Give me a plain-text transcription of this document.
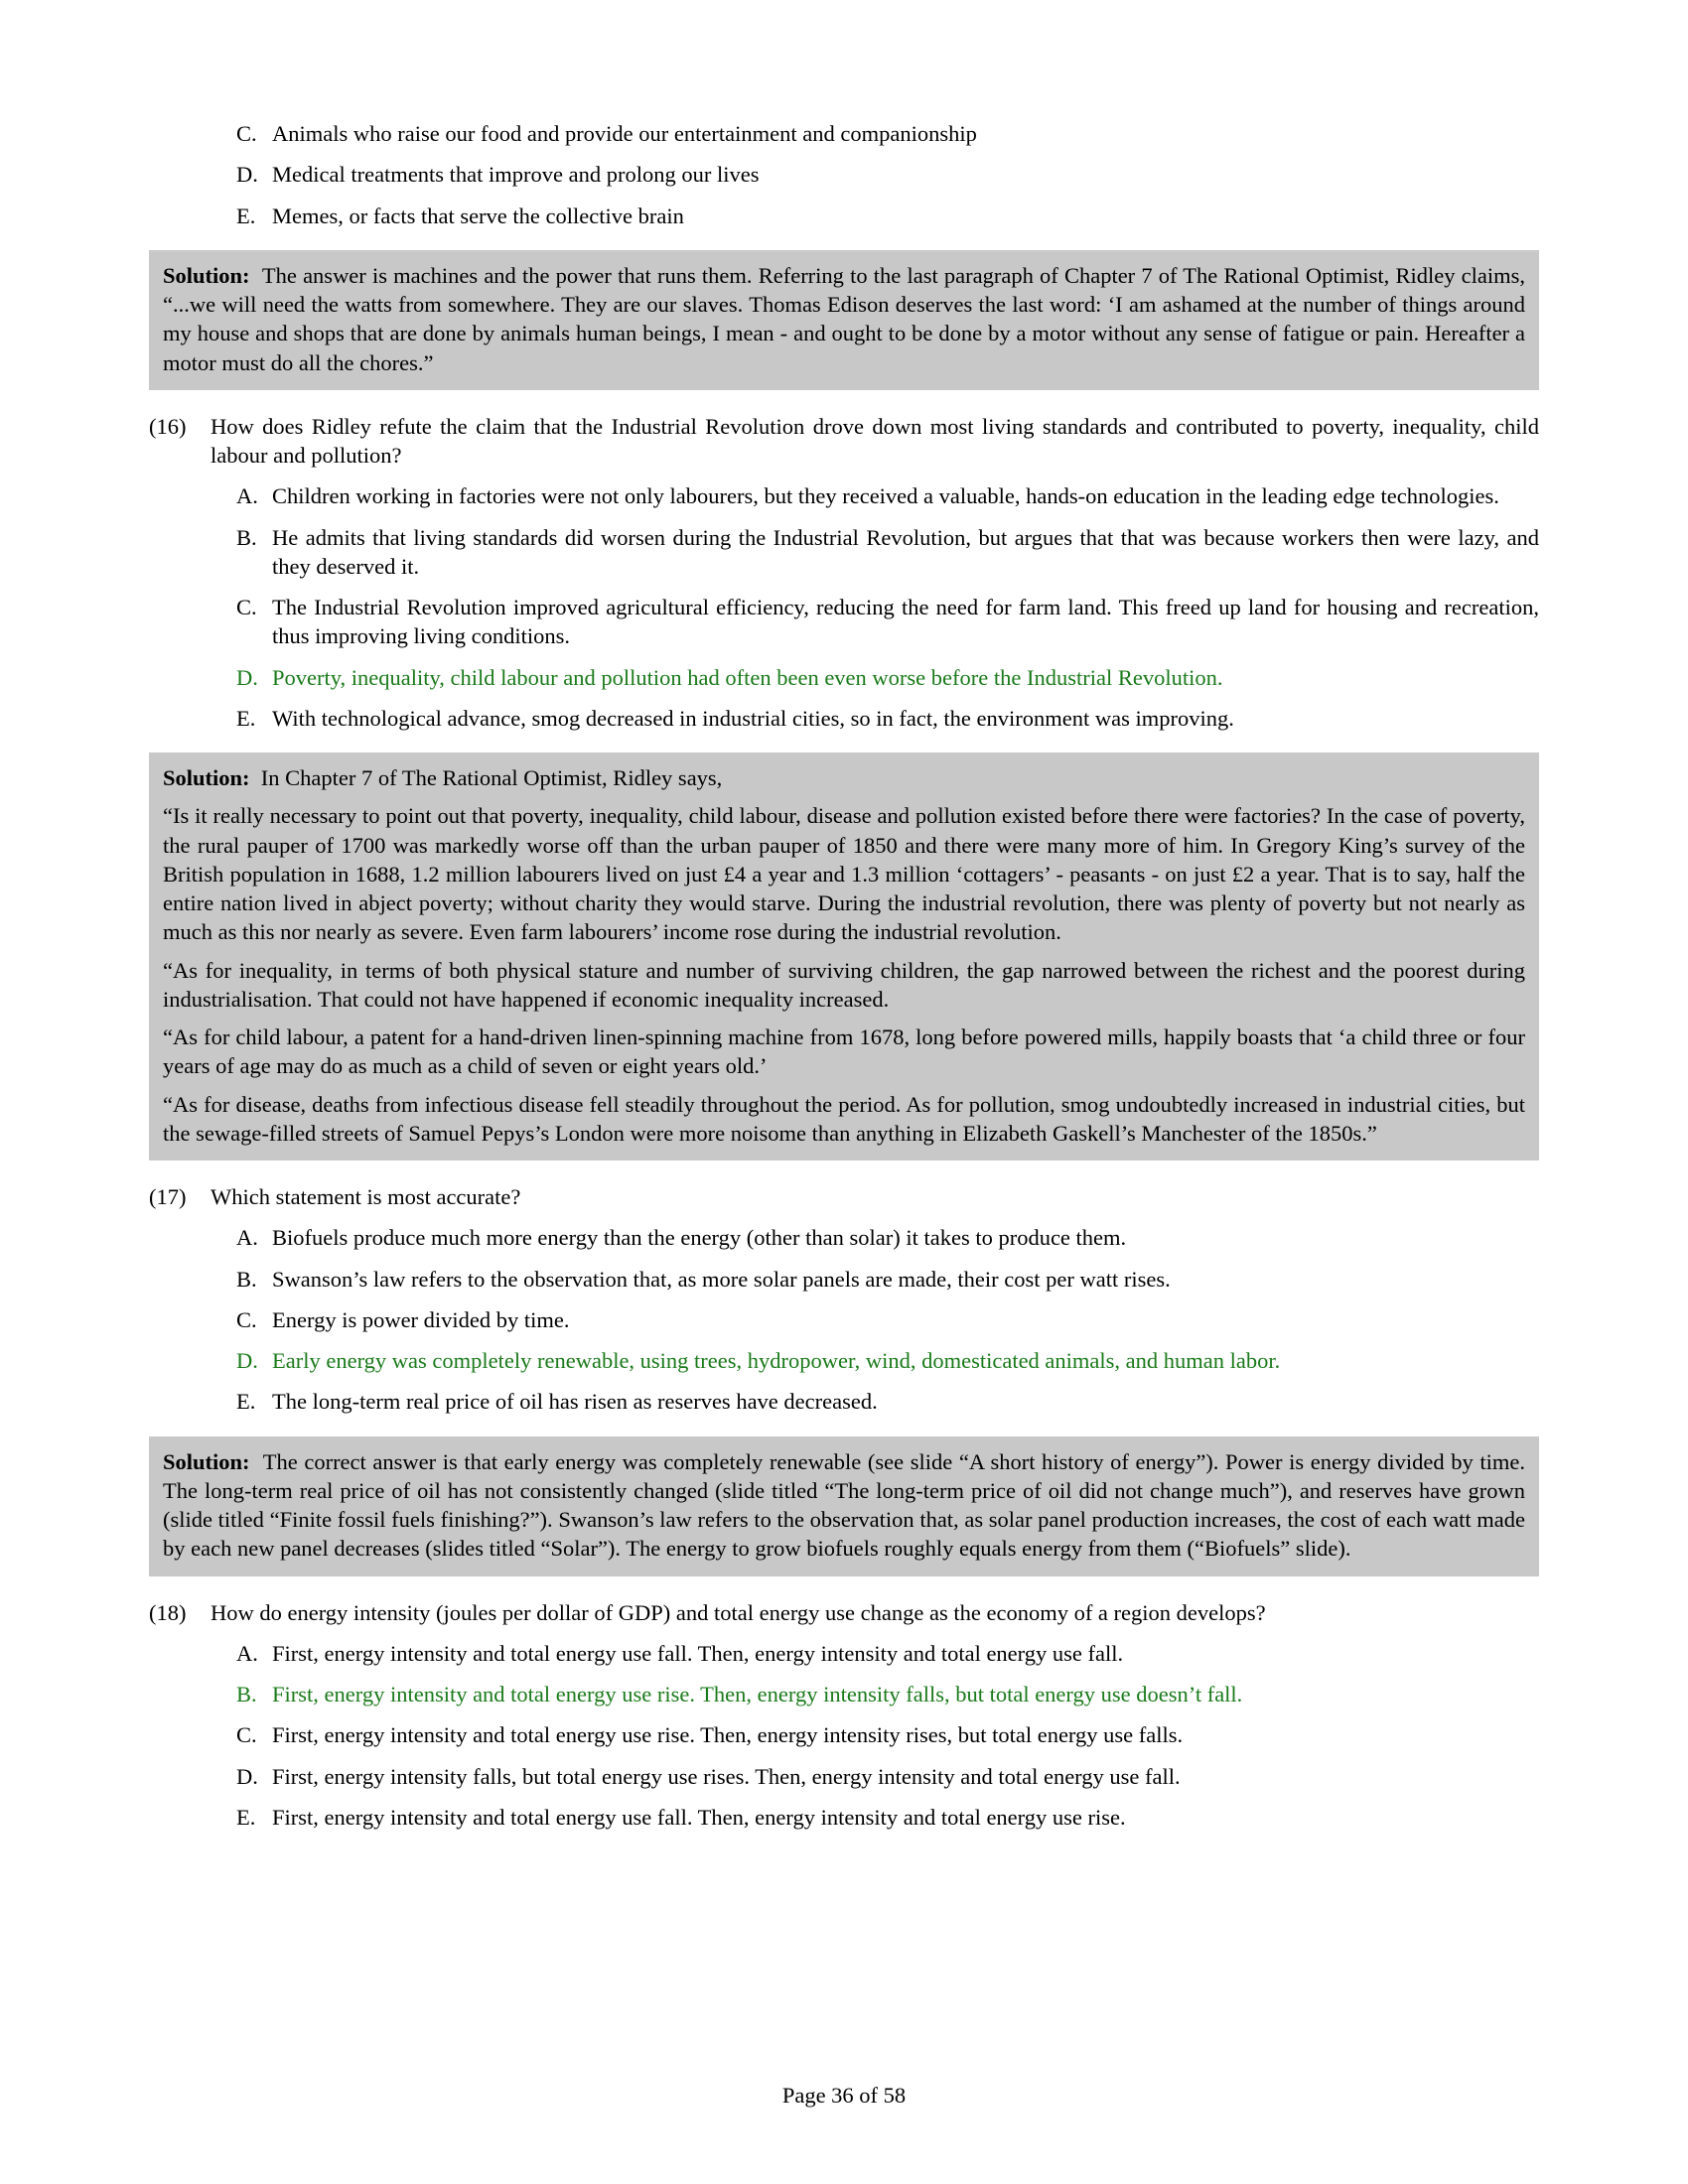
C. Animals who raise our food and provide our entertainment and companionship
D. Medical treatments that improve and prolong our lives
E. Memes, or facts that serve the collective brain

Solution: The answer is machines and the power that runs them. Referring to the last paragraph of Chapter 7 of The Rational Optimist, Ridley claims, “...we will need the watts from somewhere. They are our slaves. Thomas Edison deserves the last word: ‘I am ashamed at the number of things around my house and shops that are done by animals human beings, I mean - and ought to be done by a motor without any sense of fatigue or pain. Hereafter a motor must do all the chores.”

(16)	How does Ridley refute the claim that the Industrial Revolution drove down most living standards and contributed to poverty, inequality, child labour and pollution?
A. Children working in factories were not only labourers, but they received a valuable, hands-on education in the leading edge technologies.
B. He admits that living standards did worsen during the Industrial Revolution, but argues that that was because workers then were lazy, and they deserved it.
C. The Industrial Revolution improved agricultural efficiency, reducing the need for farm land. This freed up land for housing and recreation, thus improving living conditions.
D. Poverty, inequality, child labour and pollution had often been even worse before the Industrial Revolution.
E. With technological advance, smog decreased in industrial cities, so in fact, the environment was improving.

Solution: In Chapter 7 of The Rational Optimist, Ridley says,

“Is it really necessary to point out that poverty, inequality, child labour, disease and pollution existed before there were factories? In the case of poverty, the rural pauper of 1700 was markedly worse off than the urban pauper of 1850 and there were many more of him. In Gregory King’s survey of the British population in 1688, 1.2 million labourers lived on just £4 a year and 1.3 million ‘cottagers’ - peasants - on just £2 a year. That is to say, half the entire nation lived in abject poverty; without charity they would starve. During the industrial revolution, there was plenty of poverty but not nearly as much as this nor nearly as severe. Even farm labourers’ income rose during the industrial revolution.

“As for inequality, in terms of both physical stature and number of surviving children, the gap narrowed between the richest and the poorest during industrialisation. That could not have happened if economic inequality increased.

“As for child labour, a patent for a hand-driven linen-spinning machine from 1678, long before powered mills, happily boasts that ‘a child three or four years of age may do as much as a child of seven or eight years old.’

“As for disease, deaths from infectious disease fell steadily throughout the period. As for pollution, smog undoubtedly increased in industrial cities, but the sewage-filled streets of Samuel Pepys’s London were more noisome than anything in Elizabeth Gaskell’s Manchester of the 1850s.”

(17)	Which statement is most accurate?
A. Biofuels produce much more energy than the energy (other than solar) it takes to produce them.
B. Swanson’s law refers to the observation that, as more solar panels are made, their cost per watt rises.
C. Energy is power divided by time.
D. Early energy was completely renewable, using trees, hydropower, wind, domesticated animals, and human labor.
E. The long-term real price of oil has risen as reserves have decreased.

Solution: The correct answer is that early energy was completely renewable (see slide “A short history of energy”). Power is energy divided by time. The long-term real price of oil has not consistently changed (slide titled “The long-term price of oil did not change much”), and reserves have grown (slide titled “Finite fossil fuels finishing?”). Swanson’s law refers to the observation that, as solar panel production increases, the cost of each watt made by each new panel decreases (slides titled “Solar”). The energy to grow biofuels roughly equals energy from them (“Biofuels” slide).

(18)	How do energy intensity (joules per dollar of GDP) and total energy use change as the economy of a region develops?
A. First, energy intensity and total energy use fall. Then, energy intensity and total energy use fall.
B. First, energy intensity and total energy use rise. Then, energy intensity falls, but total energy use doesn’t fall.
C. First, energy intensity and total energy use rise. Then, energy intensity rises, but total energy use falls.
D. First, energy intensity falls, but total energy use rises. Then, energy intensity and total energy use fall.
E. First, energy intensity and total energy use fall. Then, energy intensity and total energy use rise.
Page 36 of 58
